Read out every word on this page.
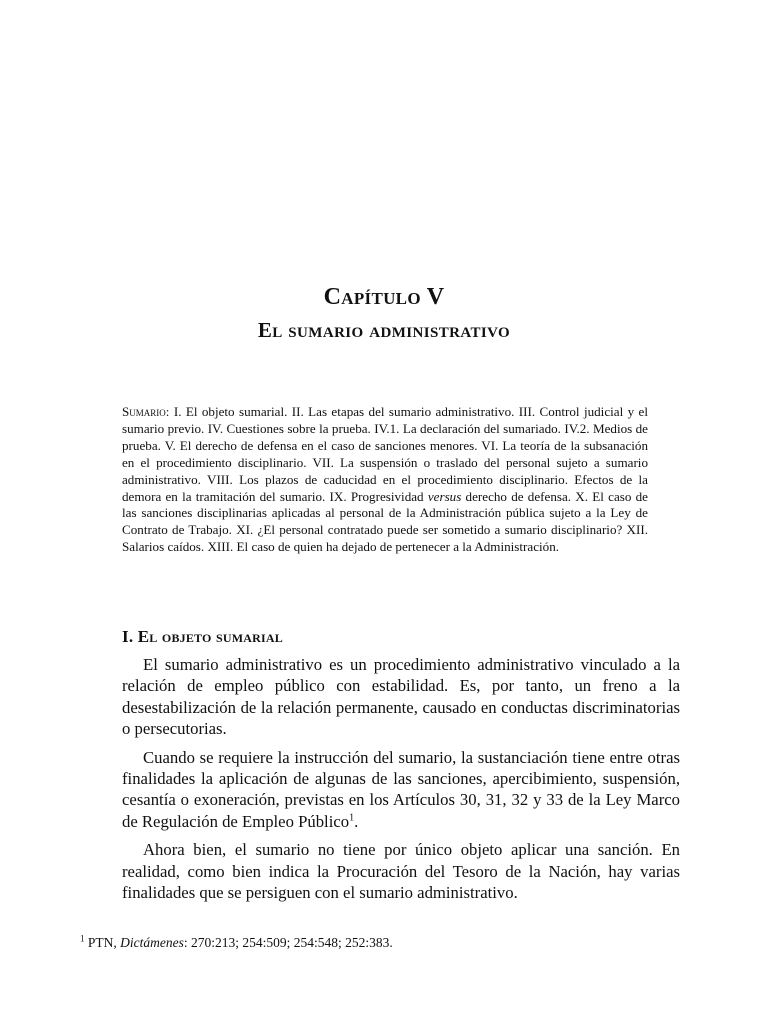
Capítulo V
El sumario administrativo
Sumario: I. El objeto sumarial. II. Las etapas del sumario administrativo. III. Control judicial y el sumario previo. IV. Cuestiones sobre la prueba. IV.1. La declaración del sumariado. IV.2. Medios de prueba. V. El derecho de defensa en el caso de sanciones menores. VI. La teoría de la subsanación en el procedimiento disciplinario. VII. La suspensión o traslado del personal sujeto a sumario administrativo. VIII. Los plazos de caducidad en el procedimiento disciplinario. Efectos de la demora en la tramitación del sumario. IX. Progresividad versus derecho de defensa. X. El caso de las sanciones disciplinarias aplicadas al personal de la Administración pública sujeto a la Ley de Contrato de Trabajo. XI. ¿El personal contratado puede ser sometido a sumario disciplinario? XII. Salarios caídos. XIII. El caso de quien ha dejado de pertenecer a la Administración.
I. El objeto sumarial

El sumario administrativo es un procedimiento administrativo vinculado a la relación de empleo público con estabilidad. Es, por tanto, un freno a la desestabilización de la relación permanente, causado en conductas discriminatorias o persecutorias.

Cuando se requiere la instrucción del sumario, la sustanciación tiene entre otras finalidades la aplicación de algunas de las sanciones, apercibimiento, suspensión, cesantía o exoneración, previstas en los Artículos 30, 31, 32 y 33 de la Ley Marco de Regulación de Empleo Público$^1$.

Ahora bien, el sumario no tiene por único objeto aplicar una sanción. En realidad, como bien indica la Procuración del Tesoro de la Nación, hay varias finalidades que se persiguen con el sumario administrativo.

$^1$ PTN, Dictámenes: 270:213; 254:509; 254:548; 252:383.
